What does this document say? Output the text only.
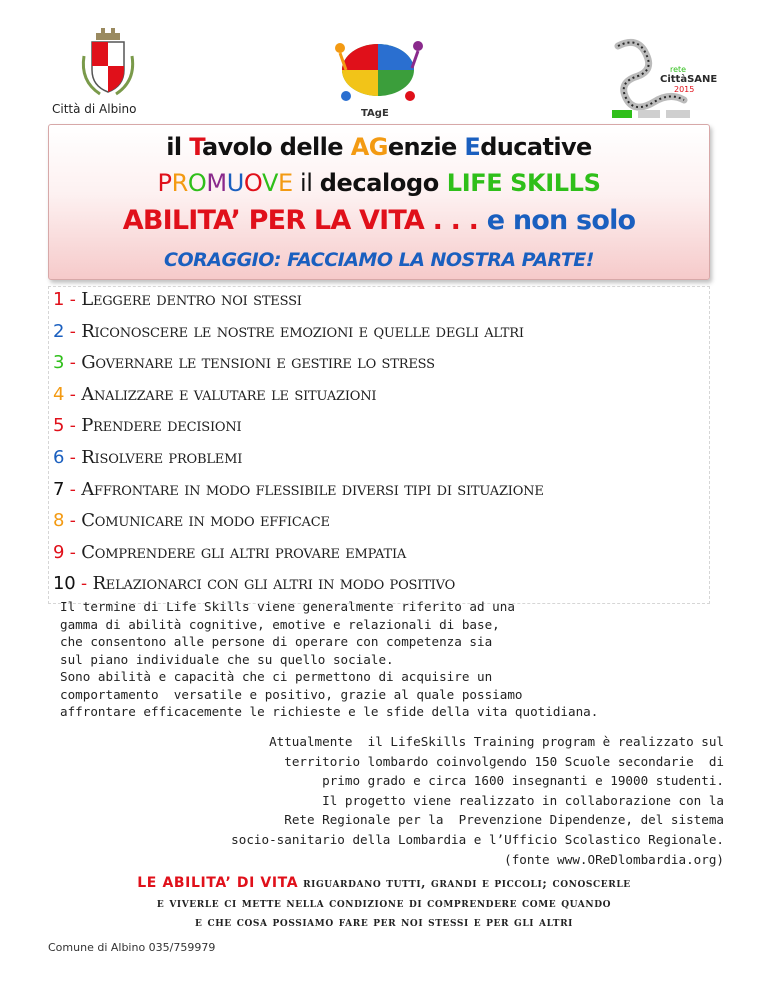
Città di Albino	TAgE
rete
CittàSANE
2015
il Tavolo delle AGenzie Educative
PROMUOVE il decalogo LIFE SKILLS
ABILITA’ PER LA VITA . . . e non solo
CORAGGIO: FACCIAMO LA NOSTRA PARTE!
1 - Leggere dentro noi stessi
2 - Riconoscere le nostre emozioni e quelle degli altri
3 - Governare le tensioni e gestire lo stress
4 - Analizzare e valutare le situazioni
5 - Prendere decisioni
6 - Risolvere problemi
7 - Affrontare in modo flessibile diversi tipi di situazione
8 - Comunicare in modo efficace
9 - Comprendere gli altri provare empatia
10 - Relazionarci con gli altri in modo positivo
Il termine di Life Skills viene generalmente riferito ad una
gamma di abilità cognitive, emotive e relazionali di base,
che consentono alle persone di operare con competenza sia
sul piano individuale che su quello sociale.
Sono abilità e capacità che ci permettono di acquisire un
comportamento  versatile e positivo, grazie al quale possiamo
affrontare efficacemente le richieste e le sfide della vita quotidiana.
Attualmente  il LifeSkills Training program è realizzato sul
territorio lombardo coinvolgendo 150 Scuole secondarie  di
primo grado e circa 1600 insegnanti e 19000 studenti.
Il progetto viene realizzato in collaborazione con la
Rete Regionale per la  Prevenzione Dipendenze, del sistema
socio-sanitario della Lombardia e l’Ufficio Scolastico Regionale.
(fonte www.OReDlombardia.org)
LE ABILITA’ DI VITA riguardano tutti, grandi e piccoli; conoscerle
e viverle ci mette nella condizione di comprendere come quando
e che cosa possiamo fare per noi stessi e per gli altri
Comune di Albino 035/759979
